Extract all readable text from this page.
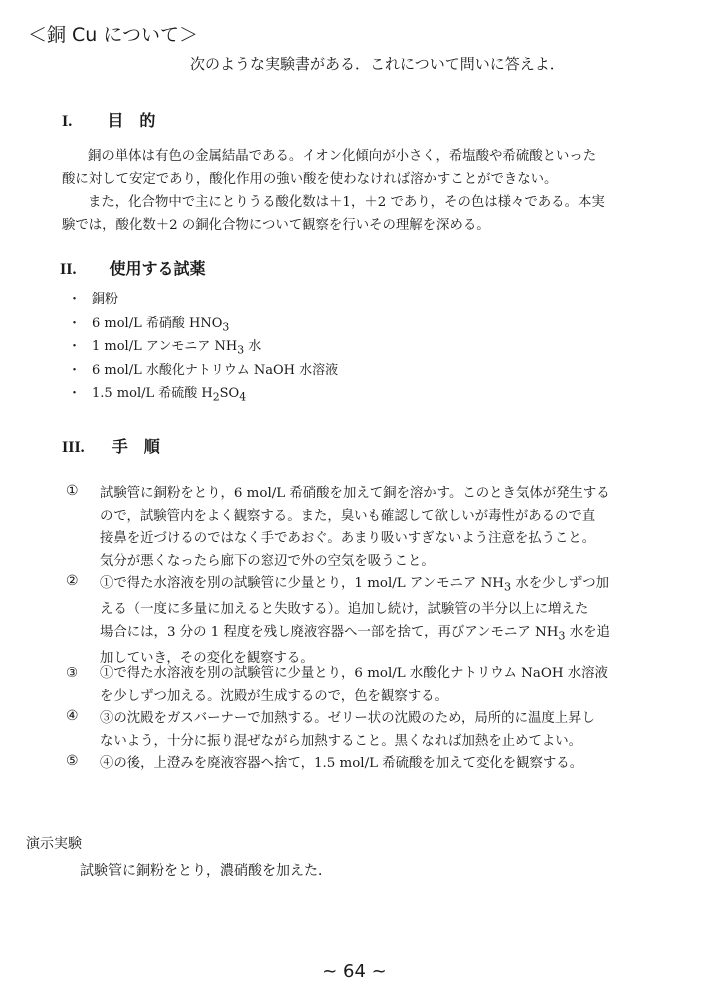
＜銅 Cu について＞
次のような実験書がある．これについて問いに答えよ．
I. 目　的
銅の単体は有色の金属結晶である。イオン化傾向が小さく，希塩酸や希硫酸といった
酸に対して安定であり，酸化作用の強い酸を使わなければ溶かすことができない。
また，化合物中で主にとりうる酸化数は＋1，＋2 であり，その色は様々である。本実
験では，酸化数＋2 の銅化合物について観察を行いその理解を深める。
II. 使用する試薬
・ 銅粉
・ 6 mol/L 希硝酸 $HNO_3$
・ 1 mol/L アンモニア $NH_3$ 水
・ 6 mol/L 水酸化ナトリウム NaOH 水溶液
・ 1.5 mol/L 希硫酸 $H_2SO_4$
III. 手　順
① 試験管に銅粉をとり，6 mol/L 希硝酸を加えて銅を溶かす。このとき気体が発生する
ので，試験管内をよく観察する。また，臭いも確認して欲しいが毒性があるので直
接鼻を近づけるのではなく手であおぐ。あまり吸いすぎないよう注意を払うこと。
気分が悪くなったら廊下の窓辺で外の空気を吸うこと。
② ①で得た水溶液を別の試験管に少量とり，1 mol/L アンモニア $NH_3$ 水を少しずつ加
える（一度に多量に加えると失敗する）。追加し続け，試験管の半分以上に増えた
場合には，3 分の 1 程度を残し廃液容器へ一部を捨て，再びアンモニア $NH_3$ 水を追
加していき，その変化を観察する。
③ ①で得た水溶液を別の試験管に少量とり，6 mol/L 水酸化ナトリウム NaOH 水溶液
を少しずつ加える。沈殿が生成するので，色を観察する。
④ ③の沈殿をガスバーナーで加熱する。ゼリー状の沈殿のため，局所的に温度上昇し
ないよう，十分に振り混ぜながら加熱すること。黒くなれば加熱を止めてよい。
⑤ ④の後，上澄みを廃液容器へ捨て，1.5 mol/L 希硫酸を加えて変化を観察する。
演示実験
試験管に銅粉をとり，濃硝酸を加えた．
~ 64 ~
